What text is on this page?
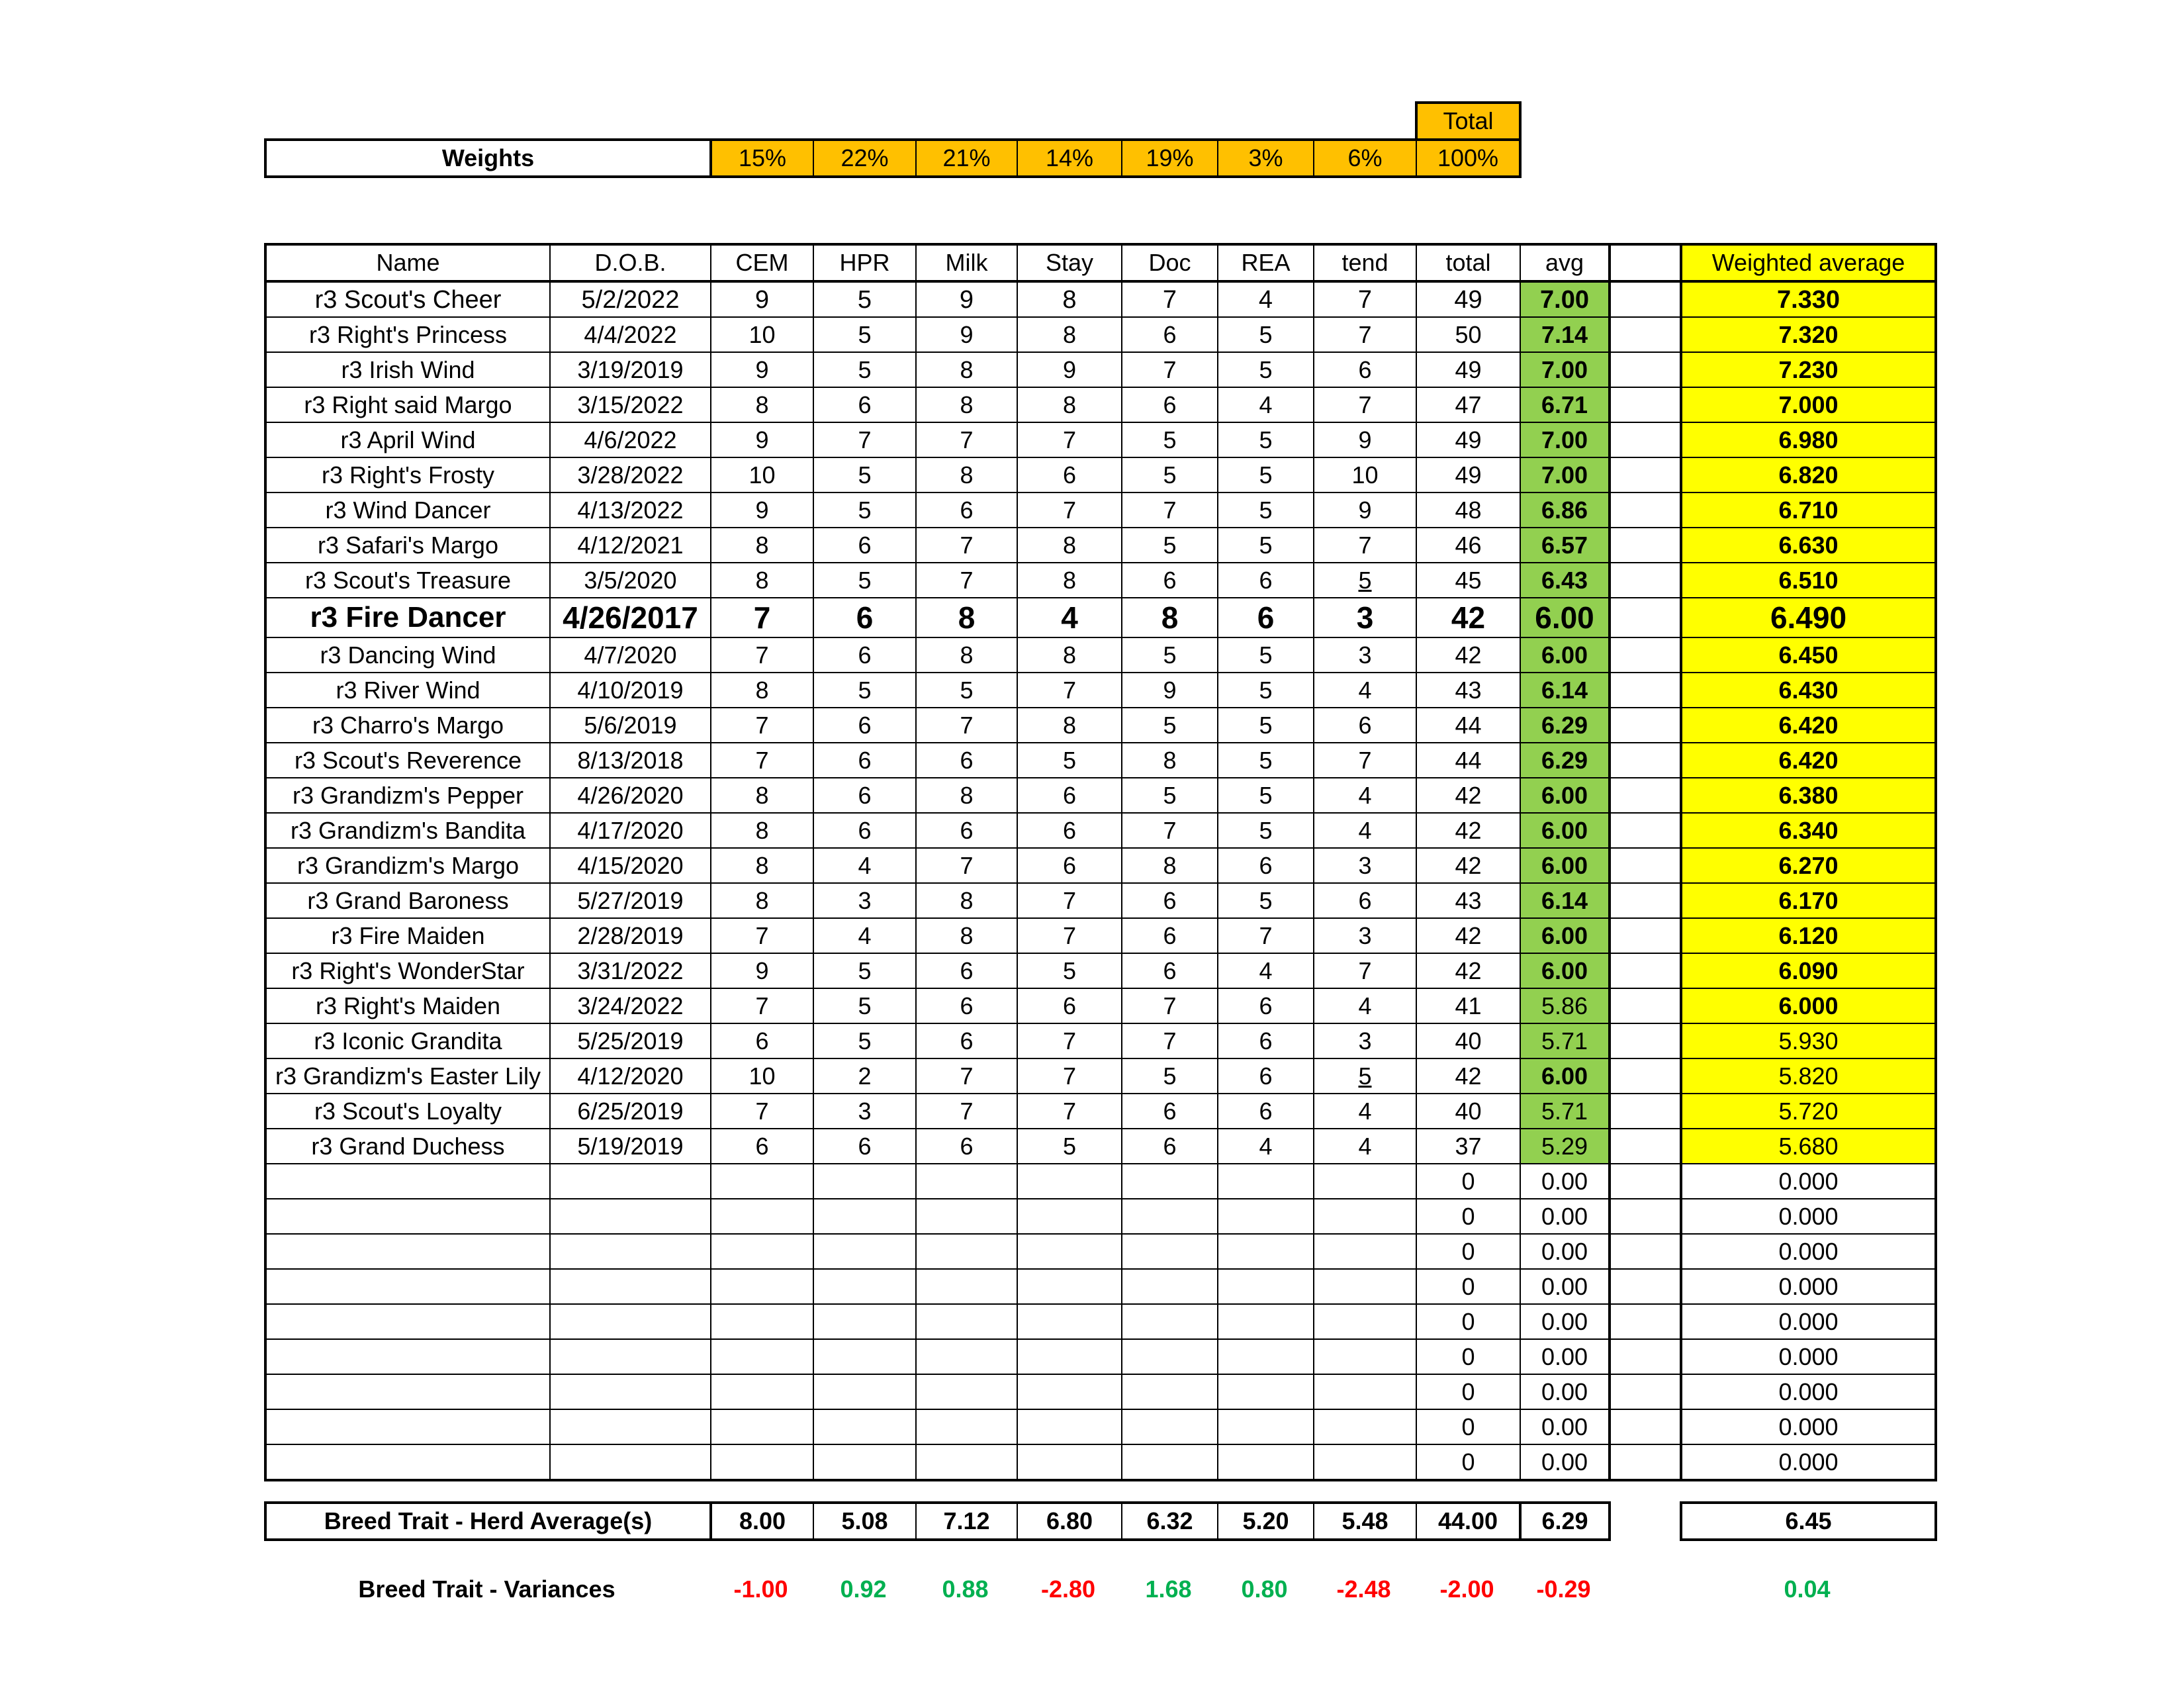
								Total
Weights	15%	22%	21%	14%	19%	3%	6%	100%
Name	D.O.B.	CEM	HPR	Milk	Stay	Doc	REA	tend	total	avg		Weighted average
r3 Scout's Cheer	5/2/2022	9	5	9	8	7	4	7	49	7.00		7.330
r3 Right's Princess	4/4/2022	10	5	9	8	6	5	7	50	7.14		7.320
r3 Irish Wind	3/19/2019	9	5	8	9	7	5	6	49	7.00		7.230
r3 Right said Margo	3/15/2022	8	6	8	8	6	4	7	47	6.71		7.000
r3 April Wind	4/6/2022	9	7	7	7	5	5	9	49	7.00		6.980
r3 Right's Frosty	3/28/2022	10	5	8	6	5	5	10	49	7.00		6.820
r3 Wind Dancer	4/13/2022	9	5	6	7	7	5	9	48	6.86		6.710
r3 Safari's Margo	4/12/2021	8	6	7	8	5	5	7	46	6.57		6.630
r3 Scout's Treasure	3/5/2020	8	5	7	8	6	6	5	45	6.43		6.510
r3 Fire Dancer	4/26/2017	7	6	8	4	8	6	3	42	6.00		6.490
r3 Dancing Wind	4/7/2020	7	6	8	8	5	5	3	42	6.00		6.450
r3 River Wind	4/10/2019	8	5	5	7	9	5	4	43	6.14		6.430
r3 Charro's Margo	5/6/2019	7	6	7	8	5	5	6	44	6.29		6.420
r3 Scout's Reverence	8/13/2018	7	6	6	5	8	5	7	44	6.29		6.420
r3 Grandizm's Pepper	4/26/2020	8	6	8	6	5	5	4	42	6.00		6.380
r3 Grandizm's Bandita	4/17/2020	8	6	6	6	7	5	4	42	6.00		6.340
r3 Grandizm's Margo	4/15/2020	8	4	7	6	8	6	3	42	6.00		6.270
r3 Grand Baroness	5/27/2019	8	3	8	7	6	5	6	43	6.14		6.170
r3 Fire Maiden	2/28/2019	7	4	8	7	6	7	3	42	6.00		6.120
r3 Right's WonderStar	3/31/2022	9	5	6	5	6	4	7	42	6.00		6.090
r3 Right's Maiden	3/24/2022	7	5	6	6	7	6	4	41	5.86		6.000
r3 Iconic Grandita	5/25/2019	6	5	6	7	7	6	3	40	5.71		5.930
r3 Grandizm's Easter Lily	4/12/2020	10	2	7	7	5	6	5	42	6.00		5.820
r3 Scout's Loyalty	6/25/2019	7	3	7	7	6	6	4	40	5.71		5.720
r3 Grand Duchess	5/19/2019	6	6	6	5	6	4	4	37	5.29		5.680
									0	0.00		0.000
									0	0.00		0.000
									0	0.00		0.000
									0	0.00		0.000
									0	0.00		0.000
									0	0.00		0.000
									0	0.00		0.000
									0	0.00		0.000
									0	0.00		0.000
Breed Trait - Herd Average(s)	8.00	5.08	7.12	6.80	6.32	5.20	5.48	44.00	6.29		6.45
Breed Trait - Variances	-1.00	0.92	0.88	-2.80	1.68	0.80	-2.48	-2.00	-0.29		0.04
